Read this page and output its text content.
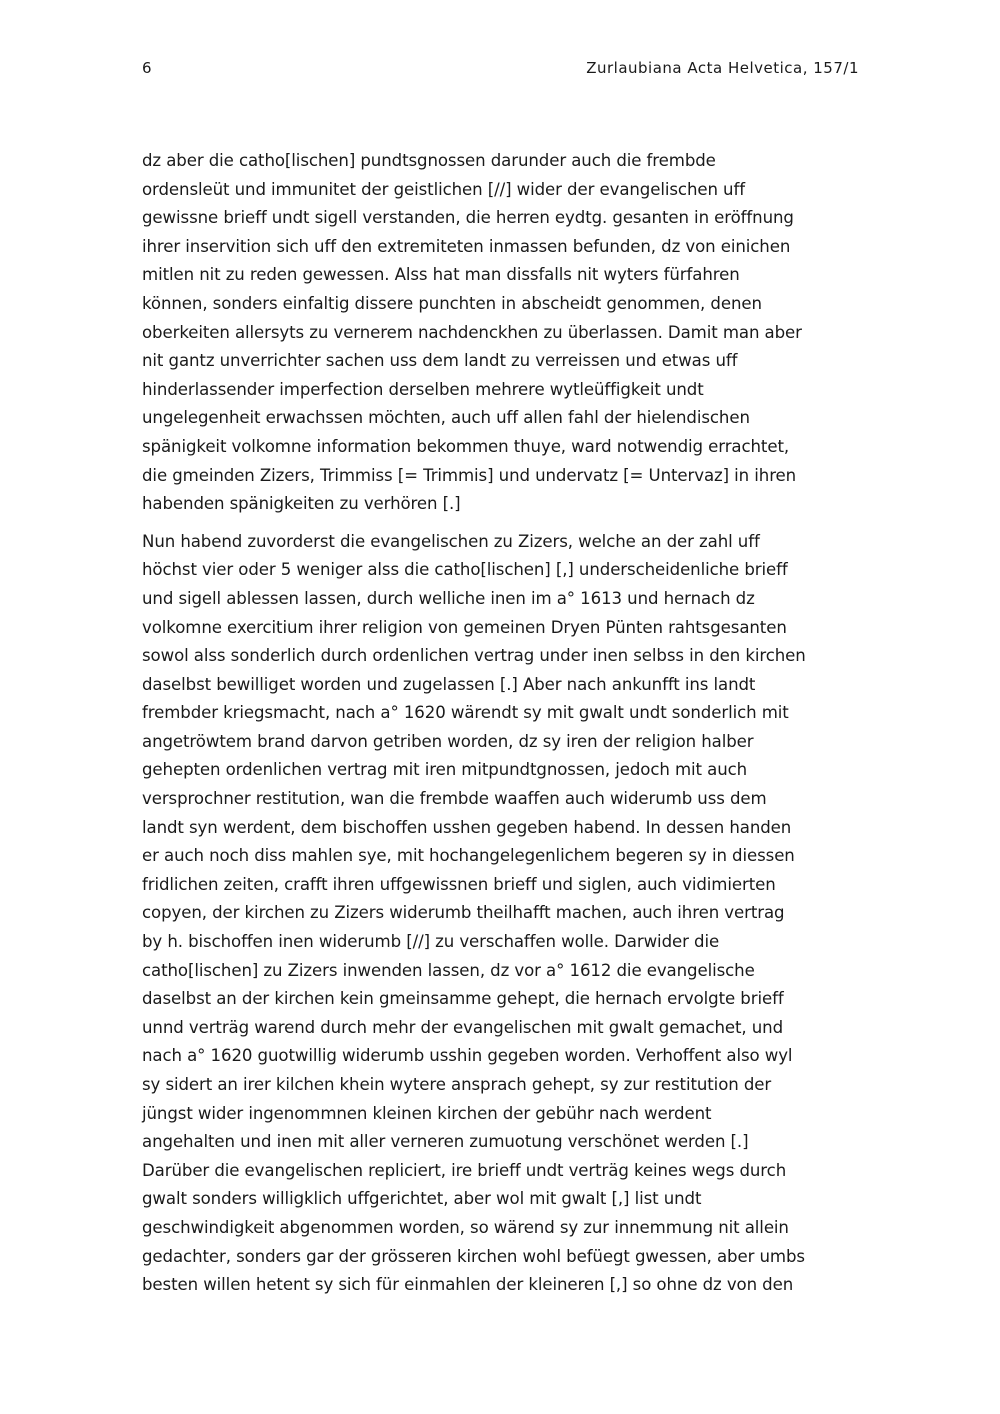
6	Zurlaubiana Acta Helvetica, 157/1
dz aber die catho[lischen] pundtsgnossen darunder auch die frembde
ordensleüt und immunitet der geistlichen [//] wider der evangelischen uff
gewissne brieff undt sigell verstanden, die herren eydtg. gesanten in eröffnung
ihrer inservition sich uff den extremiteten inmassen befunden, dz von einichen
mitlen nit zu reden gewessen. Alss hat man dissfalls nit wyters fürfahren
können, sonders einfaltig dissere punchten in abscheidt genommen, denen
oberkeiten allersyts zu vernerem nachdenckhen zu überlassen. Damit man aber
nit gantz unverrichter sachen uss dem landt zu verreissen und etwas uff
hinderlassender imperfection derselben mehrere wytleüffigkeit undt
ungelegenheit erwachssen möchten, auch uff allen fahl der hielendischen
spänigkeit volkomne information bekommen thuye, ward notwendig errachtet,
die gmeinden Zizers, Trimmiss [= Trimmis] und undervatz [= Untervaz] in ihren
habenden spänigkeiten zu verhören [.]
Nun habend zuvorderst die evangelischen zu Zizers, welche an der zahl uff
höchst vier oder 5 weniger alss die catho[lischen] [,] underscheidenliche brieff
und sigell ablessen lassen, durch welliche inen im a° 1613 und hernach dz
volkomne exercitium ihrer religion von gemeinen Dryen Pünten rahtsgesanten
sowol alss sonderlich durch ordenlichen vertrag under inen selbss in den kirchen
daselbst bewilliget worden und zugelassen [.] Aber nach ankunfft ins landt
frembder kriegsmacht, nach a° 1620 wärendt sy mit gwalt undt sonderlich mit
angetröwtem brand darvon getriben worden, dz sy iren der religion halber
gehepten ordenlichen vertrag mit iren mitpundtgnossen, jedoch mit auch
versprochner restitution, wan die frembde waaffen auch widerumb uss dem
landt syn werdent, dem bischoffen usshen gegeben habend. In dessen handen
er auch noch diss mahlen sye, mit hochangelegenlichem begeren sy in diessen
fridlichen zeiten, crafft ihren uffgewissnen brieff und siglen, auch vidimierten
copyen, der kirchen zu Zizers widerumb theilhafft machen, auch ihren vertrag
by h. bischoffen inen widerumb [//] zu verschaffen wolle. Darwider die
catho[lischen] zu Zizers inwenden lassen, dz vor a° 1612 die evangelische
daselbst an der kirchen kein gmeinsamme gehept, die hernach ervolgte brieff
unnd verträg warend durch mehr der evangelischen mit gwalt gemachet, und
nach a° 1620 guotwillig widerumb usshin gegeben worden. Verhoffent also wyl
sy sidert an irer kilchen khein wytere ansprach gehept, sy zur restitution der
jüngst wider ingenommnen kleinen kirchen der gebühr nach werdent
angehalten und inen mit aller verneren zumuotung verschönet werden [.]
Darüber die evangelischen repliciert, ire brieff undt verträg keines wegs durch
gwalt sonders willigklich uffgerichtet, aber wol mit gwalt [,] list undt
geschwindigkeit abgenommen worden, so wärend sy zur innemmung nit allein
gedachter, sonders gar der grösseren kirchen wohl befüegt gwessen, aber umbs
besten willen hetent sy sich für einmahlen der kleineren [,] so ohne dz von den
